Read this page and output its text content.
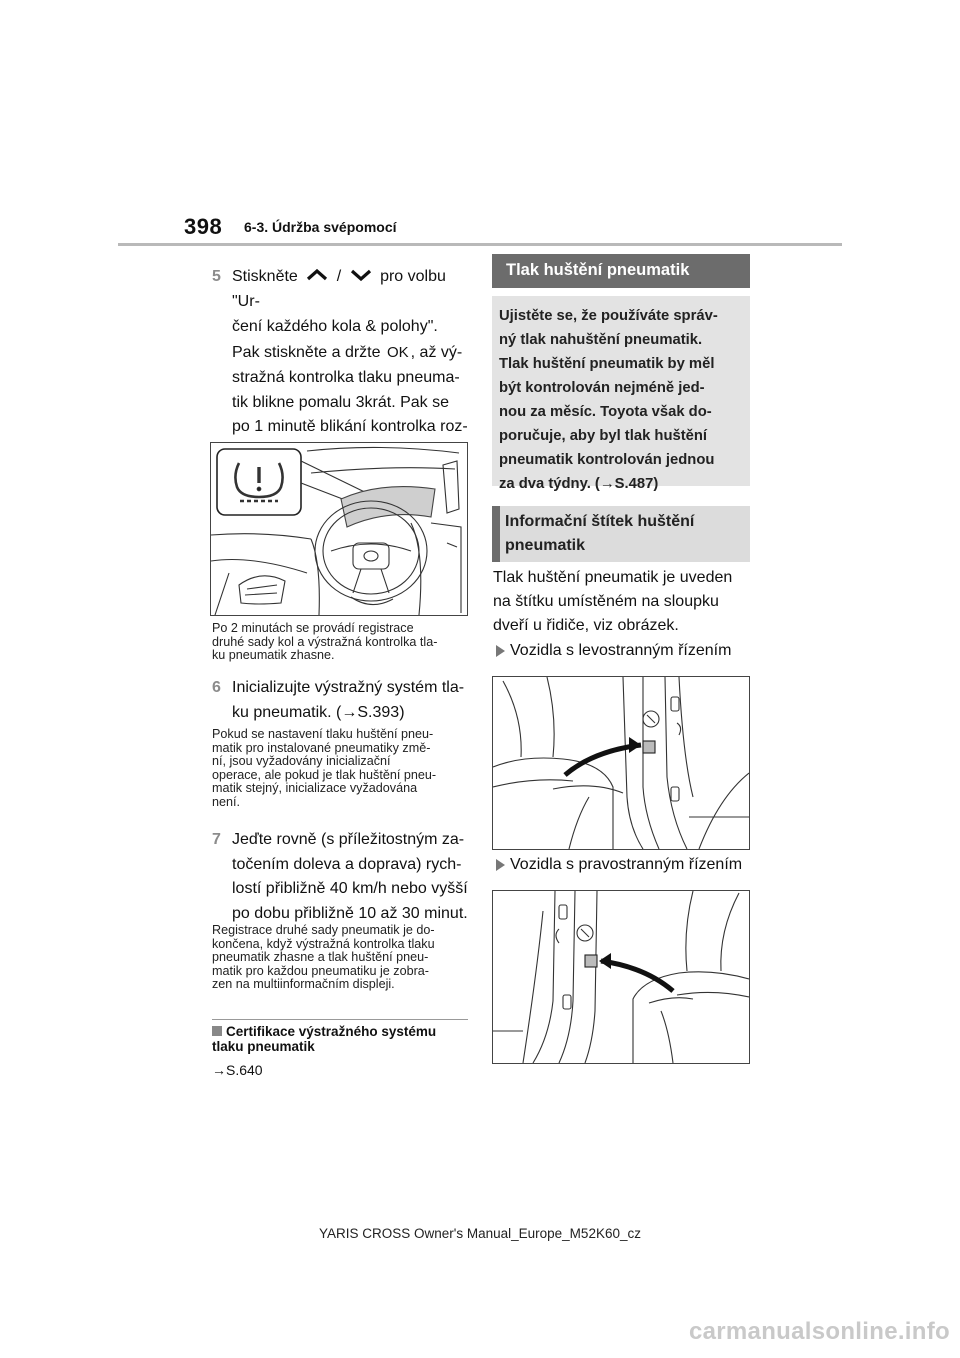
398 6-3. Údržba svépomocí
5 Stiskněte / pro volbu "Ur-
čení každého kola & polohy".
Pak stiskněte a držte OK , až vý-
stražná kontrolka tlaku pneuma-
tik blikne pomalu 3krát. Pak se
po 1 minutě blikání kontrolka roz-
Po 2 minutách se provádí registrace
druhé sady kol a výstražná kontrolka tla-
ku pneumatik zhasne.
6 Inicializujte výstražný systém tla-
ku pneumatik. (→S.393)
Pokud se nastavení tlaku huštění pneu-
matik pro instalované pneumatiky změ-
ní, jsou vyžadovány inicializační
operace, ale pokud je tlak huštění pneu-
matik stejný, inicializace vyžadována
není.
7 Jeďte rovně (s příležitostným za-
točením doleva a doprava) rych-
lostí přibližně 40 km/h nebo vyšší
po dobu přibližně 10 až 30 minut.
Registrace druhé sady pneumatik je do-
končena, když výstražná kontrolka tlaku
pneumatik zhasne a tlak huštění pneu-
matik pro každou pneumatiku je zobra-
zen na multiinformačním displeji.
Certifikace výstražného systému
tlaku pneumatik
→S.640
Tlak huštění pneumatik
Ujistěte se, že používáte správ-
ný tlak nahuštění pneumatik.
Tlak huštění pneumatik by měl
být kontrolován nejméně jed-
nou za měsíc. Toyota však do-
poručuje, aby byl tlak huštění
pneumatik kontrolován jednou
za dva týdny. (→S.487)
Informační štítek huštění
pneumatik
Tlak huštění pneumatik je uveden
na štítku umístěném na sloupku
dveří u řidiče, viz obrázek.
Vozidla s levostranným řízením
Vozidla s pravostranným řízením
YARIS CROSS Owner's Manual_Europe_M52K60_cz
carmanualsonline.info
